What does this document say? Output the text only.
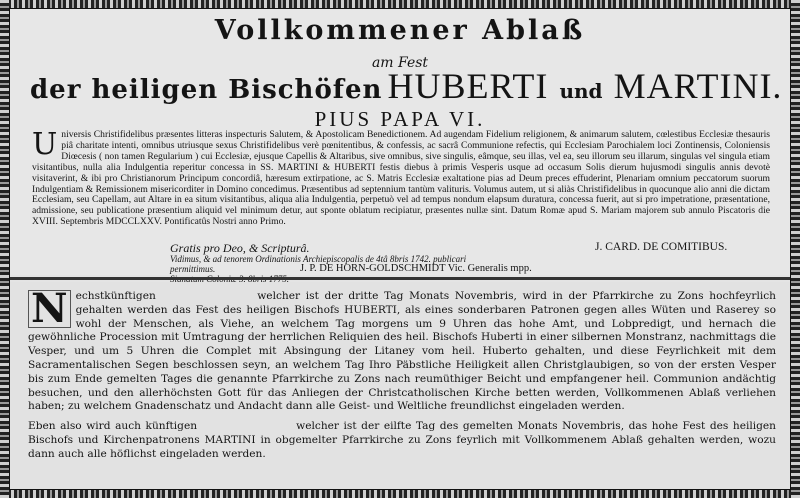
Vollkommener Ablaß
am Fest
der heiligen Bischöfen HUBERTI und MARTINI.
PIUS PAPA VI.
U niversis Christifidelibus præsentes litteras inspecturis Salutem, & Apostolicam Benedictionem. Ad augendam Fidelium religionem, & animarum salutem, cœlestibus Ecclesiæ thesauris piâ charitate intenti, omnibus utriusque sexus Christifidelibus verè pœnitentibus, & confessis, ac sacrâ Communione refectis, qui Ecclesiam Parochialem loci Zontinensis, Coloniensis Diœcesis ( non tamen Regularium ) cui Ecclesiæ, ejusque Capellis & Altaribus, sive omnibus, sive singulis, eâmque, seu illas, vel ea, seu illorum seu illarum, singulas vel singula etiam visitantibus, nulla alia Indulgentia reperitur concessa in SS. MARTINI & HUBERTI festis diebus à primis Vesperis usque ad occasum Solis dierum hujusmodi singulis annis devotè visitaverint, & ibi pro Christianorum Principum concordiâ, hæresum extirpatione, ac S. Matris Ecclesiæ exaltatione pias ad Deum preces effuderint, Plenariam omnium peccatorum suorum Indulgentiam & Remissionem misericorditer in Domino concedimus. Præsentibus ad septennium tantùm valituris. Volumus autem, ut si aliàs Christifidelibus in quocunque alio anni die dictam Ecclesiam, seu Capellam, aut Altare in ea situm visitantibus, aliqua alia Indulgentia, perpetuò vel ad tempus nondum elapsum duratura, concessa fuerit, aut si pro impetratione, præsentatione, admissione, seu publicatione præsentium aliquid vel minimum detur, aut sponte oblatum recipiatur, præsentes nullæ sint. Datum Romæ apud S. Mariam majorem sub annulo Piscatoris die XVIII. Septembris MDCCLXXV. Pontificatûs Nostri anno Primo.
Gratis pro Deo, & Scripturâ.	J. CARD. DE COMITIBUS.
Vidimus, & ad tenorem Ordinationis Archiepiscopalis de 4tâ 8bris 1742. publicari permittimus.	J. P. DE HORN-GOLDSCHMIDT Vic. Generalis mpp.
N echstkünftigen	welcher ist der dritte Tag Monats Novembris, wird in der Pfarrkirche zu Zons hochfeyrlich gehalten werden das Fest des heiligen Bischofs HUBERTI, als eines sonderbaren Patronen gegen alles Wüten und Raserey so wohl der Menschen, als Viehe, an welchem Tag morgens um 9 Uhren das hohe Amt, und Lobpredigt, und hernach die gewöhnliche Procession mit Umtragung der herrlichen Reliquien des heil. Bischofs Huberti in einer silbernen Monstranz, nachmittags die Vesper, und um 5 Uhren die Complet mit Absingung der Litaney vom heil. Huberto gehalten, und diese Feyrlichkeit mit dem Sacramentalischen Segen beschlossen seyn, an welchem Tag Ihro Päbstliche Heiligkeit allen Christglaubigen, so von der ersten Vesper bis zum Ende gemelten Tages die genannte Pfarrkirche zu Zons nach reumüthiger Beicht und empfangener heil. Communion andächtig besuchen, und den allerhöchsten Gott für das Anliegen der Christcatholischen Kirche betten werden, Vollkommenen Ablaß verliehen haben; zu welchem Gnadenschatz und Andacht dann alle Geist- und Weltliche freundlichst eingeladen werden.
Eben also wird auch künftigen	welcher ist der eilfte Tag des gemelten Monats Novembris, das hohe Fest des heiligen Bischofs und Kirchenpatronens MARTINI in obgemelter Pfarrkirche zu Zons feyrlich mit Vollkommenem Ablaß gehalten werden, wozu dann auch alle höflichst eingeladen werden.
